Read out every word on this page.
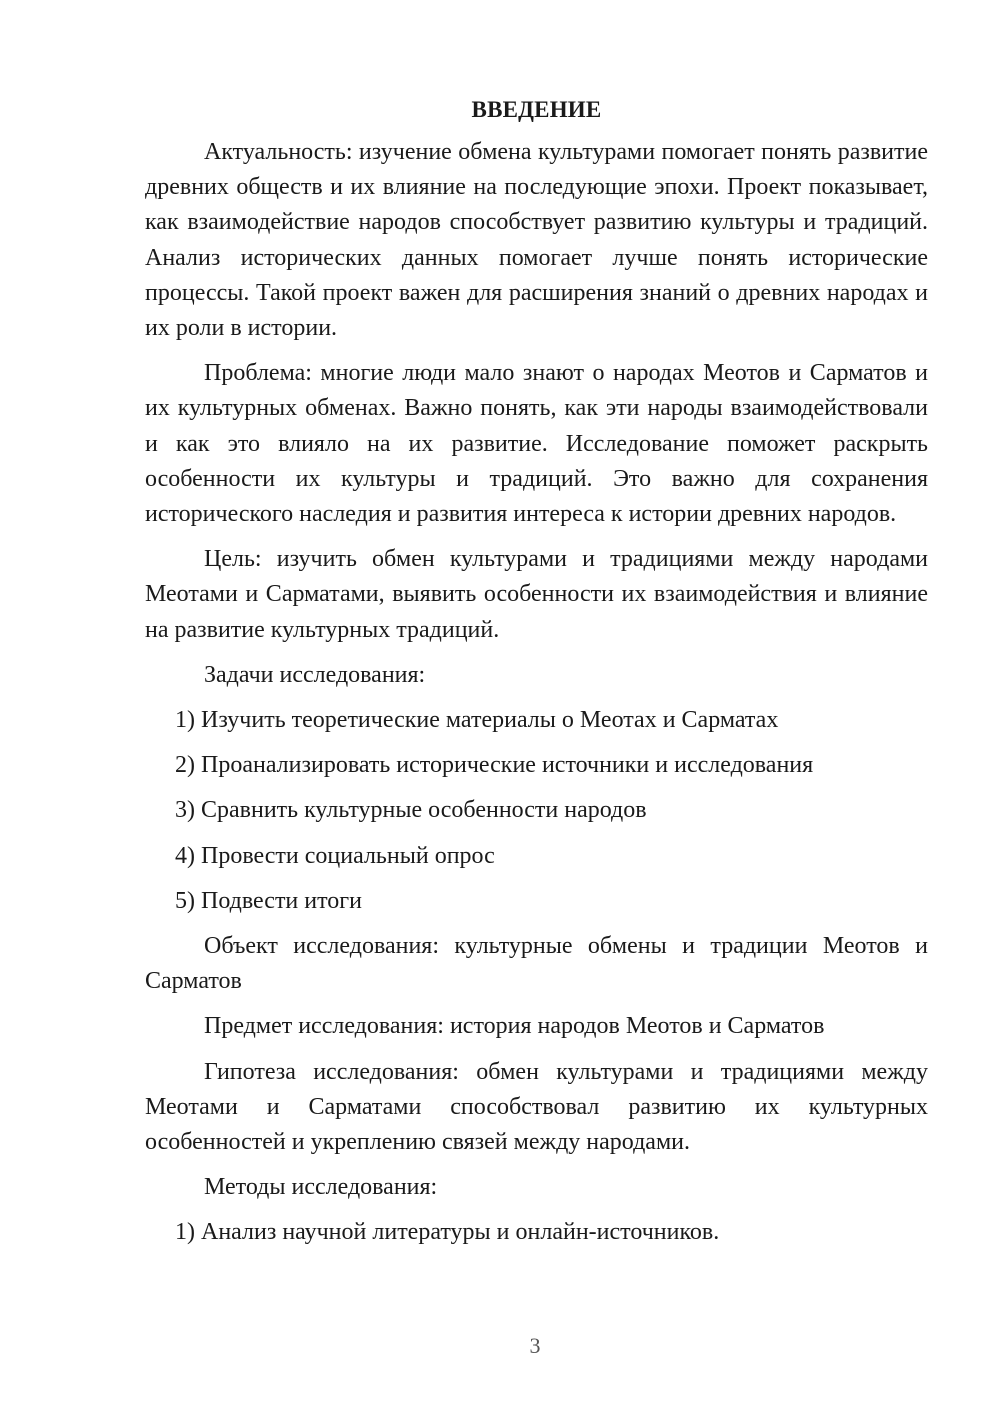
ВВЕДЕНИЕ

Актуальность: изучение обмена культурами помогает понять развитие древних обществ и их влияние на последующие эпохи. Проект показывает, как взаимодействие народов способствует развитию культуры и традиций. Анализ исторических данных помогает лучше понять исторические процессы. Такой проект важен для расширения знаний о древних народах и их роли в истории.

Проблема: многие люди мало знают о народах Меотов и Сарматов и их культурных обменах. Важно понять, как эти народы взаимодействовали и как это влияло на их развитие. Исследование поможет раскрыть особенности их культуры и традиций. Это важно для сохранения исторического наследия и развития интереса к истории древних народов.

Цель: изучить обмен культурами и традициями между народами Меотами и Сарматами, выявить особенности их взаимодействия и влияние на развитие культурных традиций.

Задачи исследования:

1) Изучить теоретические материалы о Меотах и Сарматах

2) Проанализировать исторические источники и исследования

3) Сравнить культурные особенности народов

4) Провести социальный опрос

5) Подвести итоги

Объект исследования: культурные обмены и традиции Меотов и Сарматов

Предмет исследования: история народов Меотов и Сарматов

Гипотеза исследования: обмен культурами и традициями между Меотами и Сарматами способствовал развитию их культурных особенностей и укреплению связей между народами.

Методы исследования:

1) Анализ научной литературы и онлайн-источников.

3
